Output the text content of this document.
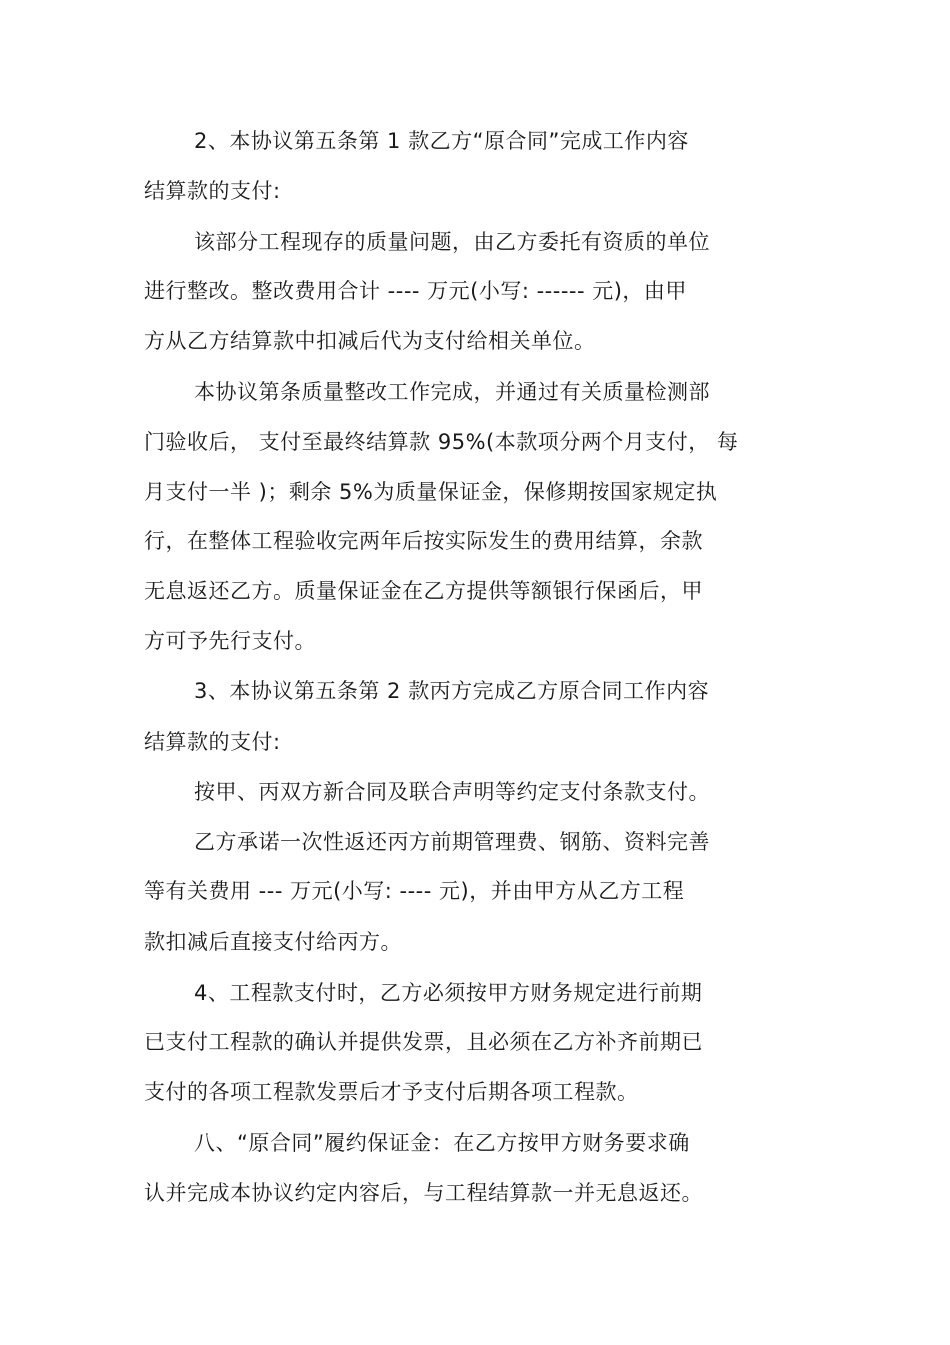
2、本协议第五条第 1 款乙方“原合同”完成工作内容
结算款的支付:
该部分工程现存的质量问题，由乙方委托有资质的单位
进行整改。整改费用合计 ---- 万元(小写: ------ 元)，由甲
方从乙方结算款中扣减后代为支付给相关单位。
本协议第条质量整改工作完成，并通过有关质量检测部
门验收后， 支付至最终结算款 95%(本款项分两个月支付， 每
月支付一半 )；剩余 5%为质量保证金，保修期按国家规定执
行，在整体工程验收完两年后按实际发生的费用结算，余款
无息返还乙方。质量保证金在乙方提供等额银行保函后，甲
方可予先行支付。
3、本协议第五条第 2 款丙方完成乙方原合同工作内容
结算款的支付:
按甲、丙双方新合同及联合声明等约定支付条款支付。
乙方承诺一次性返还丙方前期管理费、钢筋、资料完善
等有关费用 --- 万元(小写: ---- 元)，并由甲方从乙方工程
款扣减后直接支付给丙方。
4、工程款支付时，乙方必须按甲方财务规定进行前期
已支付工程款的确认并提供发票，且必须在乙方补齐前期已
支付的各项工程款发票后才予支付后期各项工程款。
八、“原合同”履约保证金：在乙方按甲方财务要求确
认并完成本协议约定内容后，与工程结算款一并无息返还。
